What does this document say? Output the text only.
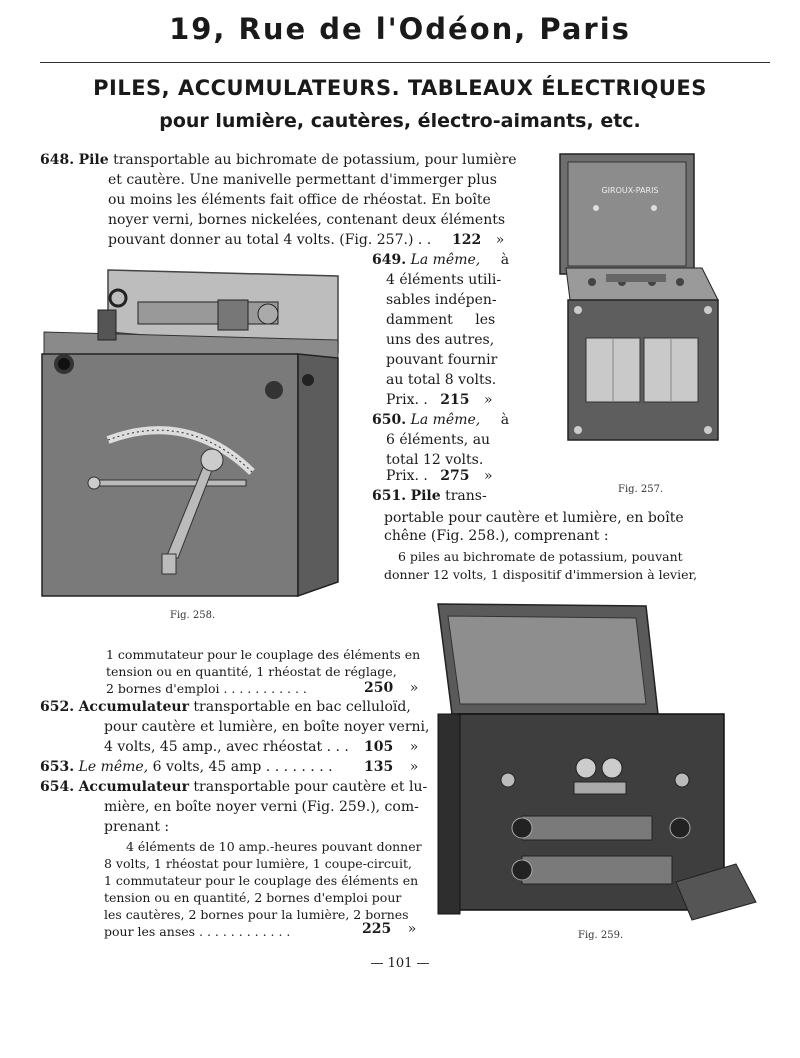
19, Rue de l'Odéon, Paris
PILES, ACCUMULATEURS. TABLEAUX ÉLECTRIQUES
pour lumière, cautères, électro-aimants, etc.
648. Pile transportable au bichromate de potassium, pour lumière
et cautère. Une manivelle permettant d'immerger plus
ou moins les éléments fait office de rhéostat. En boîte
noyer verni, bornes nickelées, contenant deux éléments
pouvant donner au total 4 volts. (Fig. 257.) . . 122 »
Fig. 258.
649. La même, à
4 éléments utili-
sables indépen-
damment les
uns des autres,
pouvant fournir
au total 8 volts.
Prix. . 215 »
650. La même, à
6 éléments, au
total 12 volts.
Prix. . 275 »
GIROUX-PARIS
Fig. 257.
651. Pile trans-
portable pour cautère et lumière, en boîte
chêne (Fig. 258.), comprenant :
6 piles au bichromate de potassium, pouvant
donner 12 volts, 1 dispositif d'immersion à levier,
1 commutateur pour le couplage des éléments en
tension ou en quantité, 1 rhéostat de réglage,
2 bornes d'emploi . . . . . . . . . . .	250 »
Fig. 259.
652. Accumulateur transportable en bac celluloïd,
pour cautère et lumière, en boîte noyer verni,
4 volts, 45 amp., avec rhéostat . . . 105 »
653. Le même, 6 volts, 45 amp . . . . . . . . 135 »
654. Accumulateur transportable pour cautère et lu-
mière, en boîte noyer verni (Fig. 259.), com-
prenant :
4 éléments de 10 amp.-heures pouvant donner
8 volts, 1 rhéostat pour lumière, 1 coupe-circuit,
1 commutateur pour le couplage des éléments en
tension ou en quantité, 2 bornes d'emploi pour
les cautères, 2 bornes pour la lumière, 2 bornes
pour les anses . . . . . . . . . . . .	225 »
— 101 —
